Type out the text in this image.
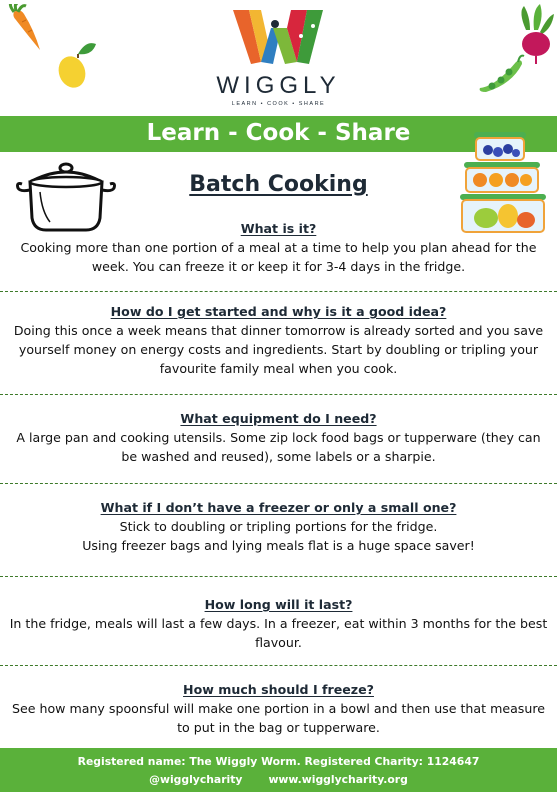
WIGGLY
LEARN • COOK • SHARE
Learn - Cook - Share
Batch Cooking
What is it?
Cooking more than one portion of a meal at a time to help you plan ahead for the week. You can freeze it or keep it for 3-4 days in the fridge.
How do I get started and why is it a good idea?
Doing this once a week means that dinner tomorrow is already sorted and you save yourself money on energy costs and ingredients. Start by doubling or tripling your favourite family meal when you cook.
What equipment do I need?
A large pan and cooking utensils. Some zip lock food bags or tupperware (they can be washed and reused), some labels or a sharpie.
What if I don’t have a freezer or only a small one?
Stick to doubling or tripling portions for the fridge.
Using freezer bags and lying meals flat is a huge space saver!
How long will it last?
In the fridge, meals will last a few days. In a freezer, eat within 3 months for the best flavour.
How much should I freeze?
See how many spoonsful will make one portion in a bowl and then use that measure to put in the bag or tupperware.
Registered name: The Wiggly Worm. Registered Charity: 1124647
@wigglycharity www.wigglycharity.org
